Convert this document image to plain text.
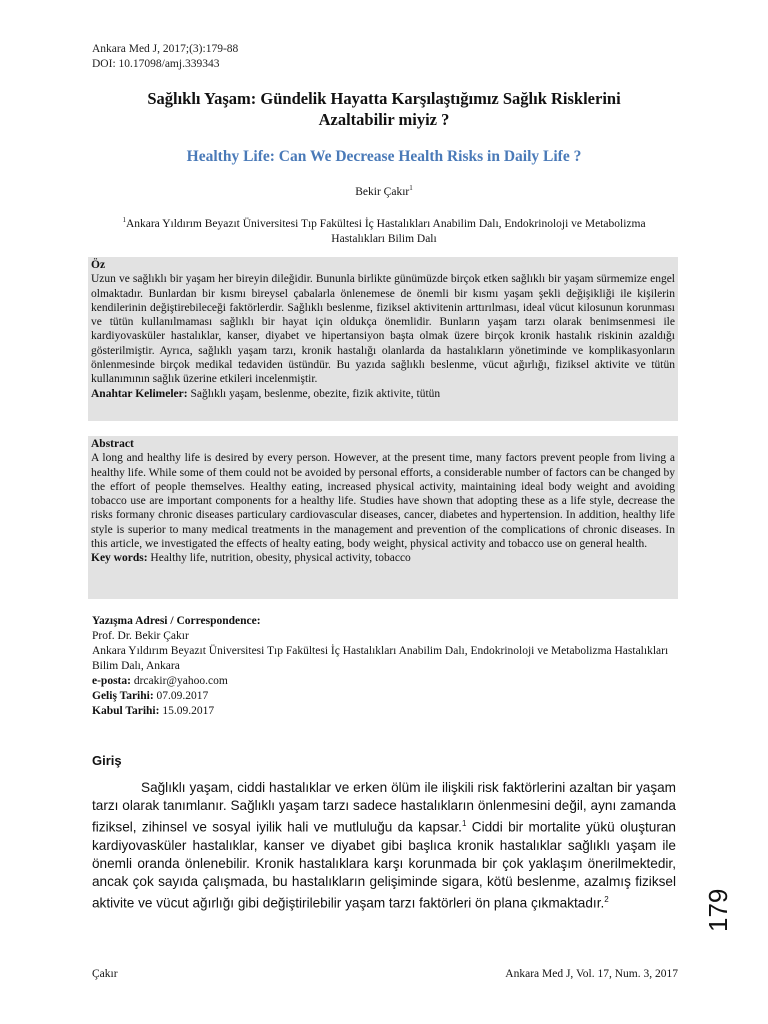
Ankara Med J, 2017;(3):179-88
DOI: 10.17098/amj.339343
Sağlıklı Yaşam: Gündelik Hayatta Karşılaştığımız Sağlık Risklerini
Azaltabilir miyiz ?
Healthy Life: Can We Decrease Health Risks in Daily Life ?
Bekir Çakır$^1$
$^1$Ankara Yıldırım Beyazıt Üniversitesi Tıp Fakültesi İç Hastalıkları Anabilim Dalı, Endokrinoloji ve Metabolizma Hastalıkları Bilim Dalı
Öz
Uzun ve sağlıklı bir yaşam her bireyin dileğidir. Bununla birlikte günümüzde birçok etken sağlıklı bir yaşam sürmemize engel olmaktadır. Bunlardan bir kısmı bireysel çabalarla önlenemese de önemli bir kısmı yaşam şekli değişikliği ile kişilerin kendilerinin değiştirebileceği faktörlerdir. Sağlıklı beslenme, fiziksel aktivitenin arttırılması, ideal vücut kilosunun korunması ve tütün kullanılmaması sağlıklı bir hayat için oldukça önemlidir. Bunların yaşam tarzı olarak benimsenmesi ile kardiyovasküler hastalıklar, kanser, diyabet ve hipertansiyon başta olmak üzere birçok kronik hastalık riskinin azaldığı gösterilmiştir. Ayrıca, sağlıklı yaşam tarzı, kronik hastalığı olanlarda da hastalıkların yönetiminde ve komplikasyonların önlenmesinde birçok medikal tedaviden üstündür. Bu yazıda sağlıklı beslenme, vücut ağırlığı, fiziksel aktivite ve tütün kullanımının sağlık üzerine etkileri incelenmiştir.
Anahtar Kelimeler: Sağlıklı yaşam, beslenme, obezite, fizik aktivite, tütün
Abstract
A long and healthy life is desired by every person. However, at the present time, many factors prevent people from living a healthy life. While some of them could not be avoided by personal efforts, a considerable number of factors can be changed by the effort of people themselves. Healthy eating, increased physical activity, maintaining ideal body weight and avoiding tobacco use are important components for a healthy life. Studies have shown that adopting these as a life style, decrease the risks formany chronic diseases particulary cardiovascular diseases, cancer, diabetes and hypertension. In addition, healthy life style is superior to many medical treatments in the management and prevention of the complications of chronic diseases. In this article, we investigated the effects of healty eating, body weight, physical activity and tobacco use on general health.
Key words: Healthy life, nutrition, obesity, physical activity, tobacco
Yazışma Adresi / Correspondence:
Prof. Dr. Bekir Çakır
Ankara Yıldırım Beyazıt Üniversitesi Tıp Fakültesi İç Hastalıkları Anabilim Dalı, Endokrinoloji ve Metabolizma Hastalıkları Bilim Dalı, Ankara
e-posta: drcakir@yahoo.com
Geliş Tarihi: 07.09.2017
Kabul Tarihi: 15.09.2017
Giriş
Sağlıklı yaşam, ciddi hastalıklar ve erken ölüm ile ilişkili risk faktörlerini azaltan bir yaşam tarzı olarak tanımlanır. Sağlıklı yaşam tarzı sadece hastalıkların önlenmesini değil, aynı zamanda fiziksel, zihinsel ve sosyal iyilik hali ve mutluluğu da kapsar.$^1$ Ciddi bir mortalite yükü oluşturan kardiyovasküler hastalıklar, kanser ve diyabet gibi başlıca kronik hastalıklar sağlıklı yaşam ile önemli oranda önlenebilir. Kronik hastalıklara karşı korunmada bir çok yaklaşım önerilmektedir, ancak çok sayıda çalışmada, bu hastalıkların gelişiminde sigara, kötü beslenme, azalmış fiziksel aktivite ve vücut ağırlığı gibi değiştirilebilir yaşam tarzı faktörleri ön plana çıkmaktadır.$^2$	179
Çakır	Ankara Med J, Vol. 17, Num. 3, 2017
